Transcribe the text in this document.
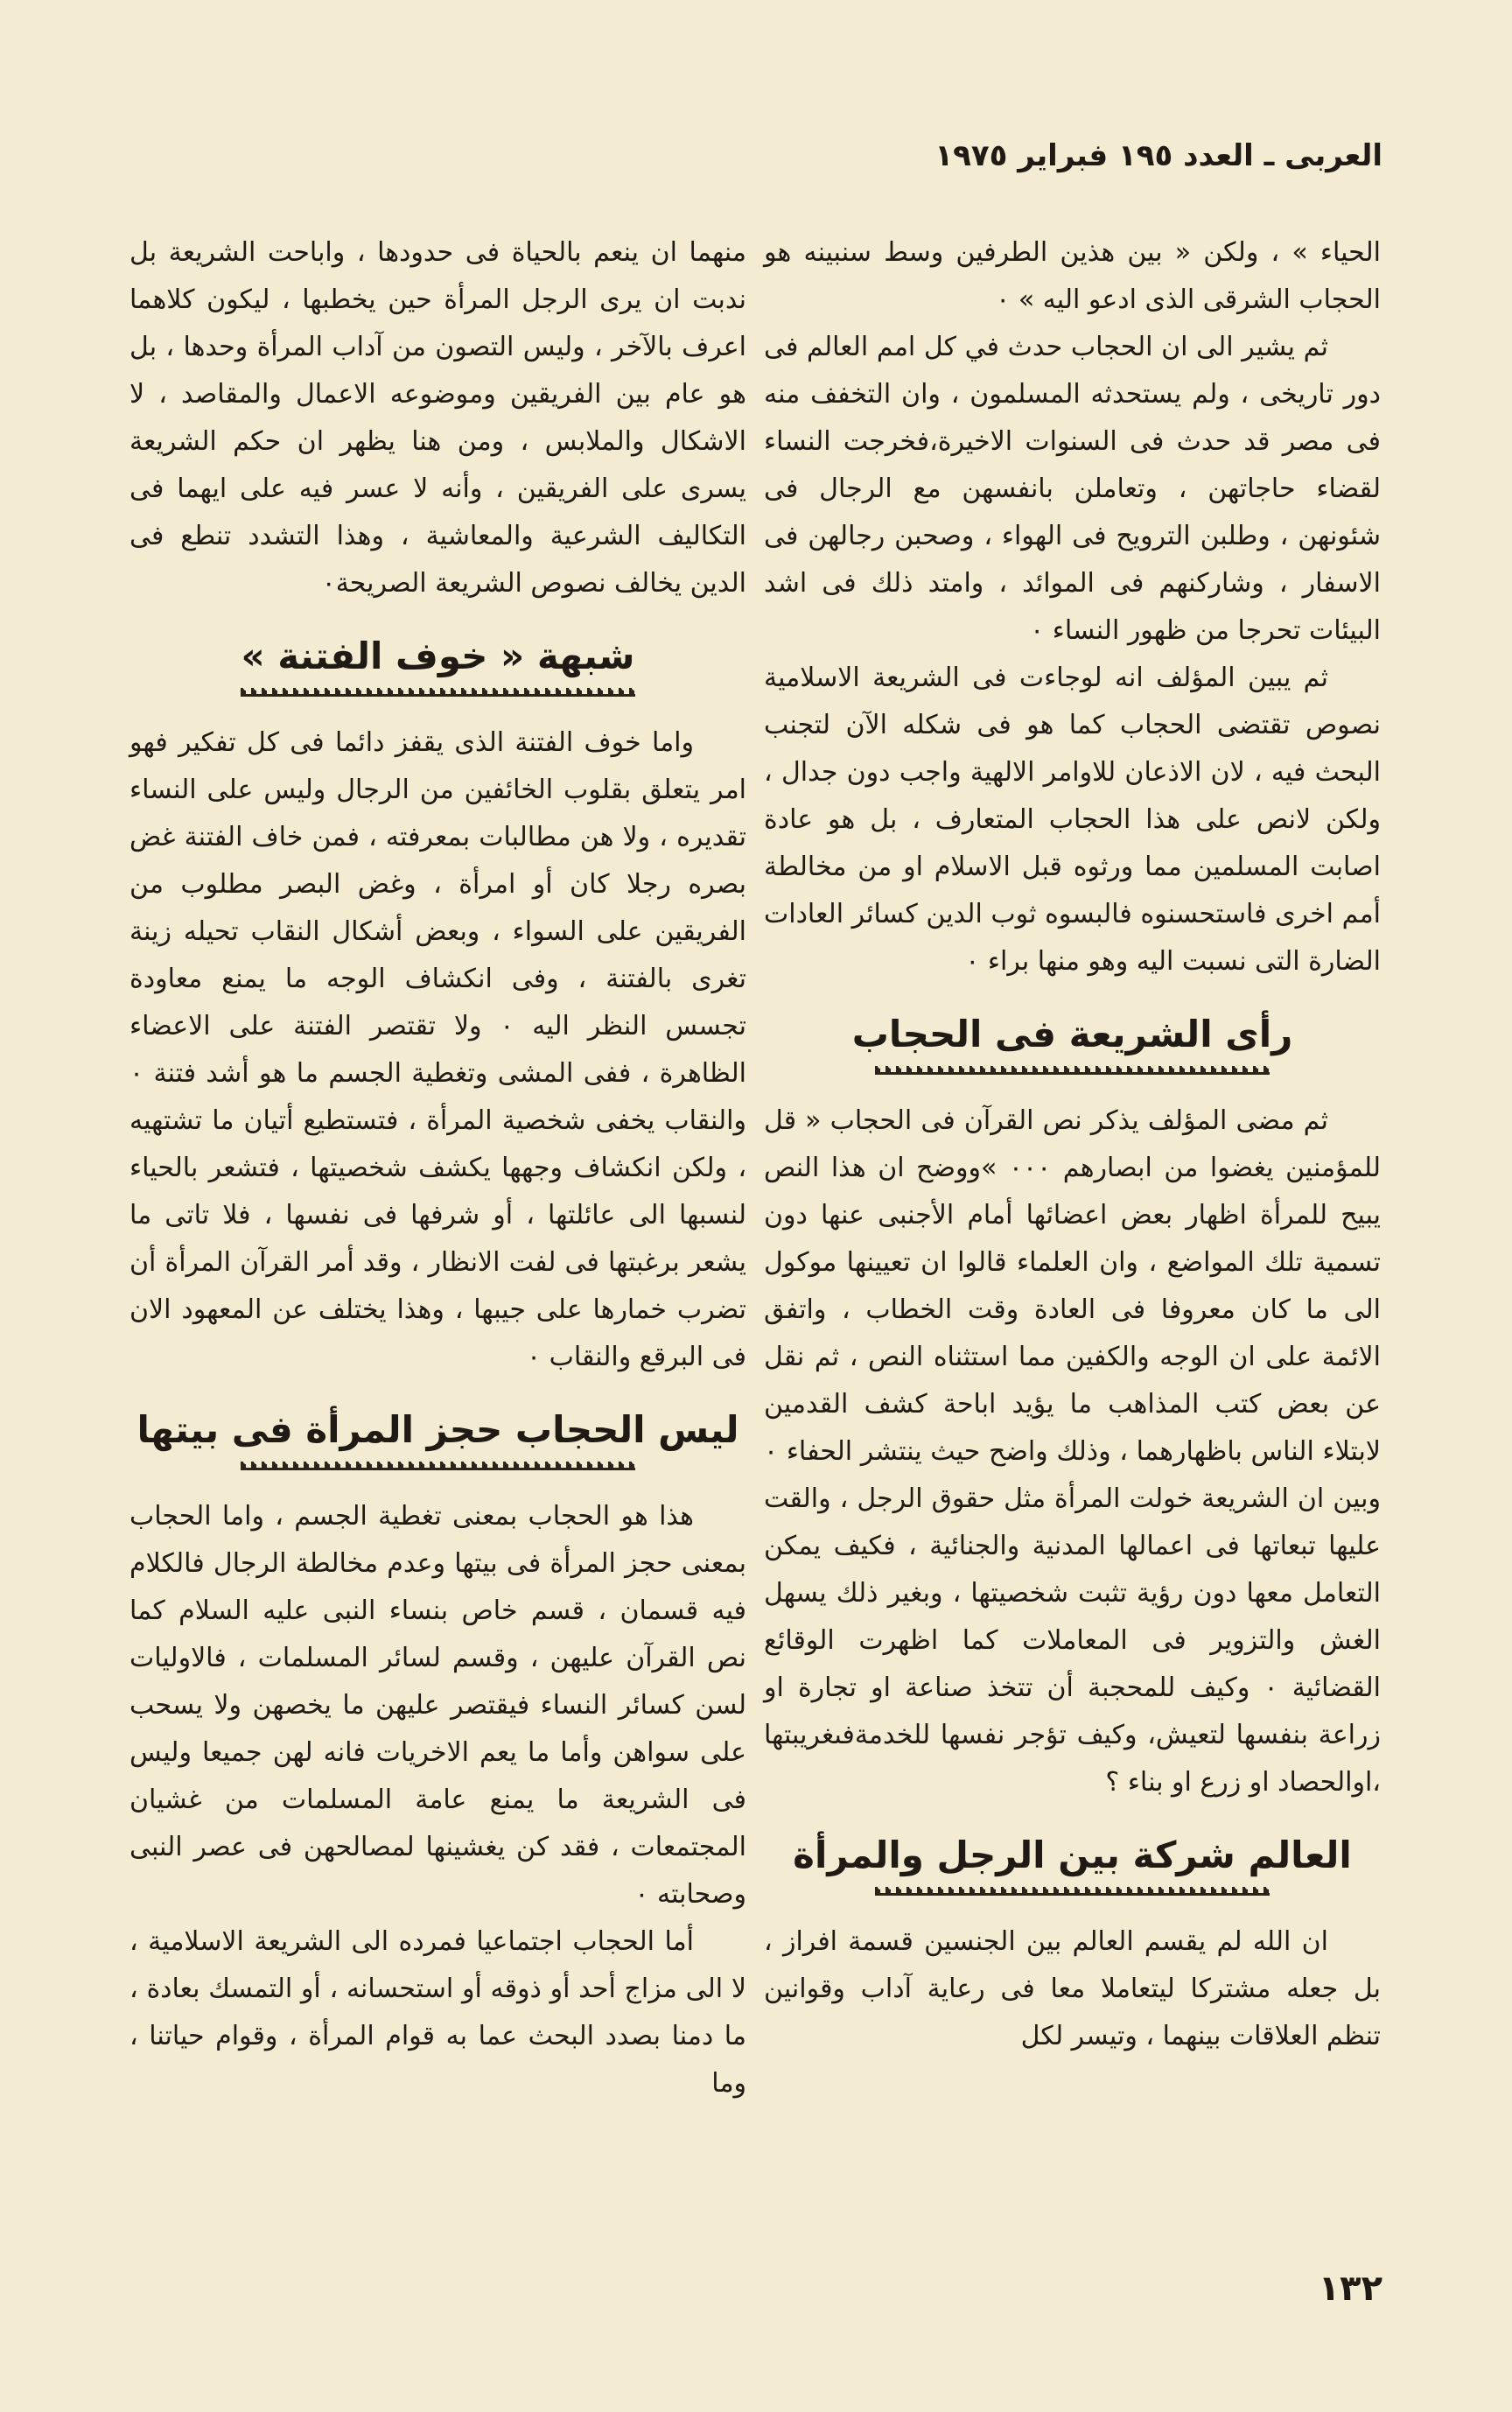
العربى ـ العدد ١٩٥ فبراير ١٩٧٥

الحياء » ، ولكن « بين هذين الطرفين وسط سنبينه هو الحجاب الشرقى الذى ادعو اليه » ٠

ثم يشير الى ان الحجاب حدث في كل امم العالم فى دور تاريخى ، ولم يستحدثه المسلمون ، وان التخفف منه فى مصر قد حدث فى السنوات الاخيرة،فخرجت النساء لقضاء حاجاتهن ، وتعاملن بانفسهن مع الرجال فى شئونهن ، وطلبن الترويح فى الهواء ، وصحبن رجالهن فى الاسفار ، وشاركنهم فى الموائد ، وامتد ذلك فى اشد البيئات تحرجا من ظهور النساء ٠

ثم يبين المؤلف انه لوجاءت فى الشريعة الاسلامية نصوص تقتضى الحجاب كما هو فى شكله الآن لتجنب البحث فيه ، لان الاذعان للاوامر الالهية واجب دون جدال ، ولكن لانص على هذا الحجاب المتعارف ، بل هو عادة اصابت المسلمين مما ورثوه قبل الاسلام او من مخالطة أمم اخرى فاستحسنوه فالبسوه ثوب الدين كسائر العادات الضارة التى نسبت اليه وهو منها براء ٠

رأى الشريعة فى الحجاب

ثم مضى المؤلف يذكر نص القرآن فى الحجاب « قل للمؤمنين يغضوا من ابصارهم ٠٠٠ »ووضح ان هذا النص يبيح للمرأة اظهار بعض اعضائها أمام الأجنبى عنها دون تسمية تلك المواضع ، وان العلماء قالوا ان تعيينها موكول الى ما كان معروفا فى العادة وقت الخطاب ، واتفق الائمة على ان الوجه والكفين مما استثناه النص ، ثم نقل عن بعض كتب المذاهب ما يؤيد اباحة كشف القدمين لابتلاء الناس باظهارهما ، وذلك واضح حيث ينتشر الحفاء ٠ وبين ان الشريعة خولت المرأة مثل حقوق الرجل ، والقت عليها تبعاتها فى اعمالها المدنية والجنائية ، فكيف يمكن التعامل معها دون رؤية تثبت شخصيتها ، وبغير ذلك يسهل الغش والتزوير فى المعاملات كما اظهرت الوقائع القضائية ٠ وكيف للمحجبة أن تتخذ صناعة او تجارة او زراعة بنفسها لتعيش، وكيف تؤجر نفسها للخدمةفىغريبتها ،اوالحصاد او زرع او بناء ؟

العالم شركة بين الرجل والمرأة

ان الله لم يقسم العالم بين الجنسين قسمة افراز ، بل جعله مشتركا ليتعاملا معا فى رعاية آداب وقوانين تنظم العلاقات بينهما ، وتيسر لكل

منهما ان ينعم بالحياة فى حدودها ، واباحت الشريعة بل ندبت ان يرى الرجل المرأة حين يخطبها ، ليكون كلاهما اعرف بالآخر ، وليس التصون من آداب المرأة وحدها ، بل هو عام بين الفريقين وموضوعه الاعمال والمقاصد ، لا الاشكال والملابس ، ومن هنا يظهر ان حكم الشريعة يسرى على الفريقين ، وأنه لا عسر فيه على ايهما فى التكاليف الشرعية والمعاشية ، وهذا التشدد تنطع فى الدين يخالف نصوص الشريعة الصريحة٠

شبهة « خوف الفتنة »

واما خوف الفتنة الذى يقفز دائما فى كل تفكير فهو امر يتعلق بقلوب الخائفين من الرجال وليس على النساء تقديره ، ولا هن مطالبات بمعرفته ، فمن خاف الفتنة غض بصره رجلا كان أو امرأة ، وغض البصر مطلوب من الفريقين على السواء ، وبعض أشكال النقاب تحيله زينة تغرى بالفتنة ، وفى انكشاف الوجه ما يمنع معاودة تجسس النظر اليه ٠ ولا تقتصر الفتنة على الاعضاء الظاهرة ، ففى المشى وتغطية الجسم ما هو أشد فتنة ٠ والنقاب يخفى شخصية المرأة ، فتستطيع أتيان ما تشتهيه ، ولكن انكشاف وجهها يكشف شخصيتها ، فتشعر بالحياء لنسبها الى عائلتها ، أو شرفها فى نفسها ، فلا تاتى ما يشعر برغبتها فى لفت الانظار ، وقد أمر القرآن المرأة أن تضرب خمارها على جيبها ، وهذا يختلف عن المعهود الان فى البرقع والنقاب ٠

ليس الحجاب حجز المرأة فى بيتها

هذا هو الحجاب بمعنى تغطية الجسم ، واما الحجاب بمعنى حجز المرأة فى بيتها وعدم مخالطة الرجال فالكلام فيه قسمان ، قسم خاص بنساء النبى عليه السلام كما نص القرآن عليهن ، وقسم لسائر المسلمات ، فالاوليات لسن كسائر النساء فيقتصر عليهن ما يخصهن ولا يسحب على سواهن وأما ما يعم الاخريات فانه لهن جميعا وليس فى الشريعة ما يمنع عامة المسلمات من غشيان المجتمعات ، فقد كن يغشينها لمصالحهن فى عصر النبى وصحابته ٠

أما الحجاب اجتماعيا فمرده الى الشريعة الاسلامية ، لا الى مزاج أحد أو ذوقه أو استحسانه ، أو التمسك بعادة ، ما دمنا بصدد البحث عما به قوام المرأة ، وقوام حياتنا ، وما

١٣٢
